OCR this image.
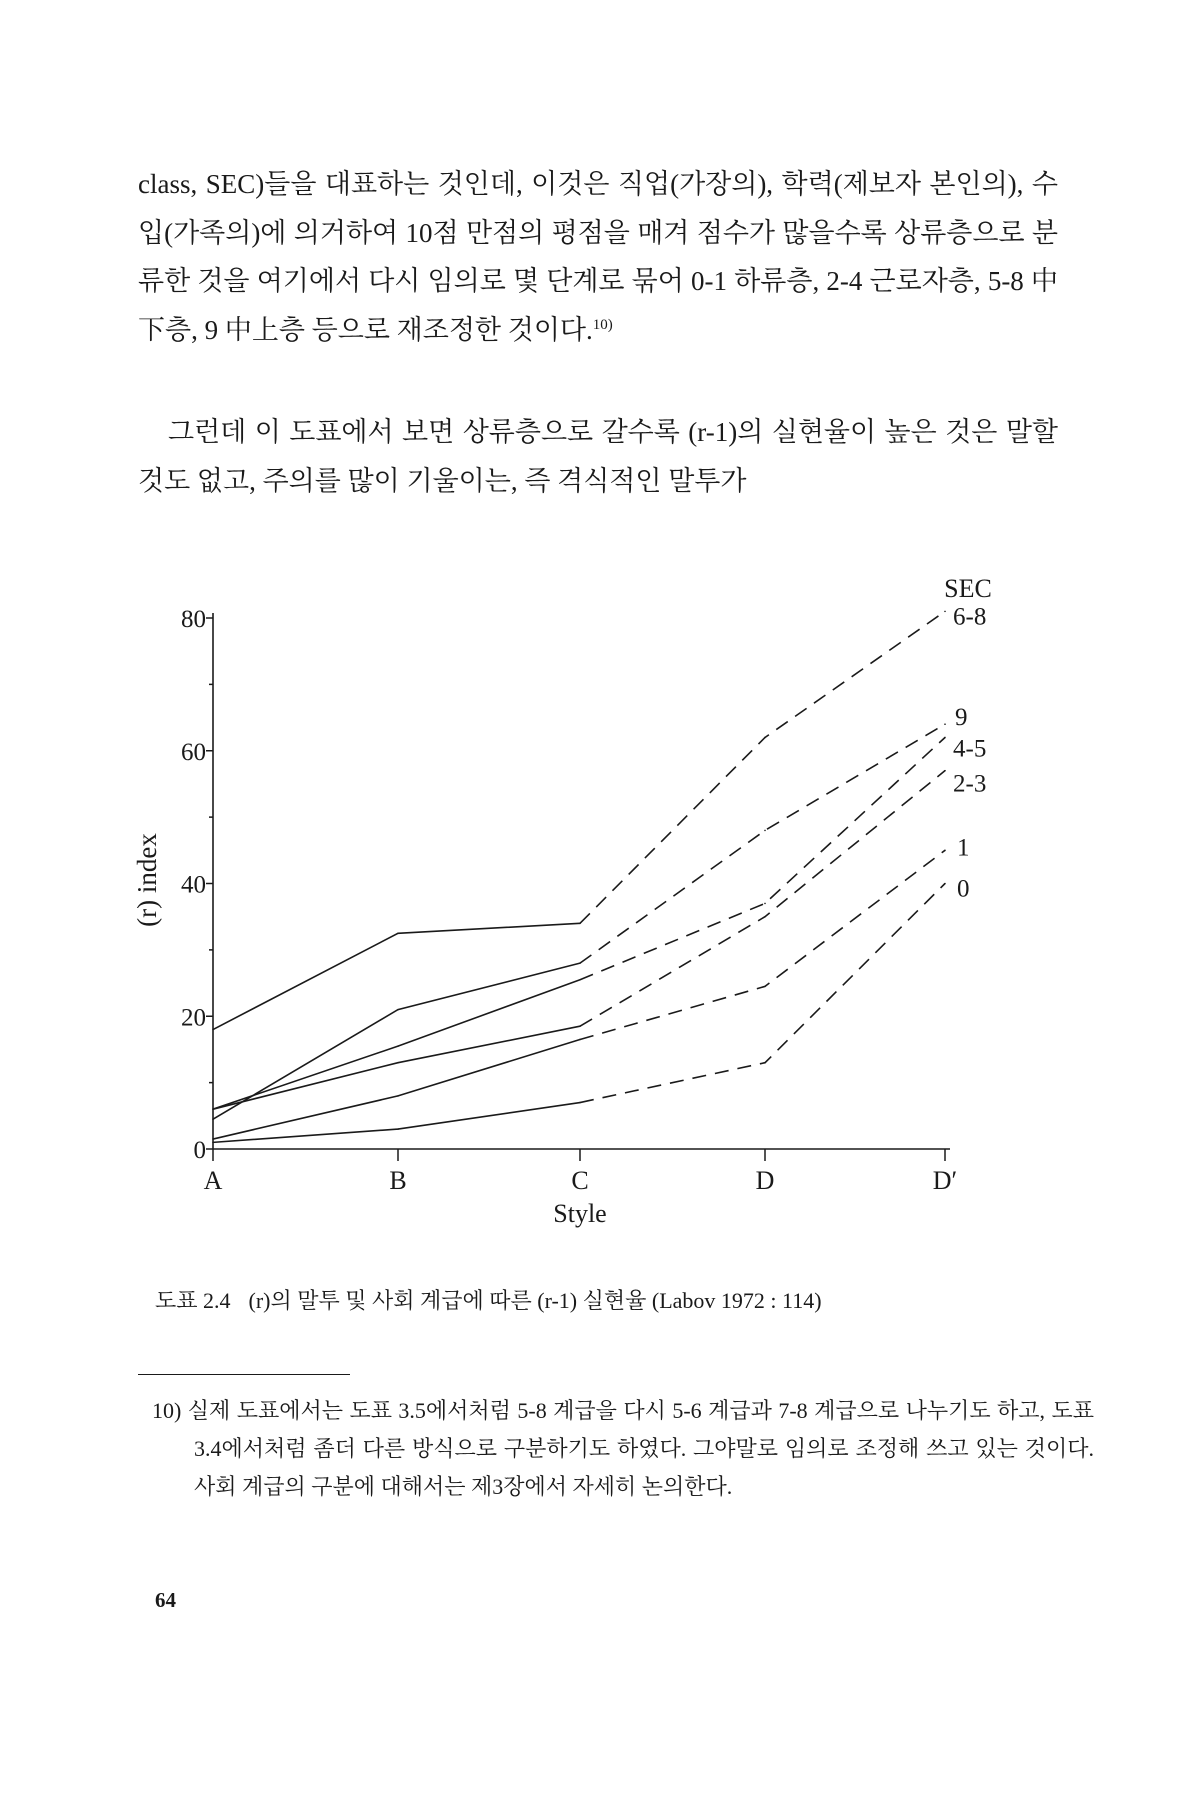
class, SEC)들을 대표하는 것인데, 이것은 직업(가장의), 학력(제보자 본인의), 수입(가족의)에 의거하여 10점 만점의 평점을 매겨 점수가 많을수록 상류층으로 분류한 것을 여기에서 다시 임의로 몇 단계로 묶어 0-1 하류층, 2-4 근로자층, 5-8 中下층, 9 中上층 등으로 재조정한 것이다.$^{10)}$

그런데 이 도표에서 보면 상류층으로 갈수록 (r-1)의 실현율이 높은 것은 말할 것도 없고, 주의를 많이 기울이는, 즉 격식적인 말투가

0
20
40
60
80
(r) index
A	B	C	D	D′
Style
6-8
9
4-5
2-3
1
0
SEC
도표 2.4 (r)의 말투 및 사회 계급에 따른 (r-1) 실현율 (Labov 1972 : 114)

10) 실제 도표에서는 도표 3.5에서처럼 5-8 계급을 다시 5-6 계급과 7-8 계급으로 나누기도 하고, 도표 3.4에서처럼 좀더 다른 방식으로 구분하기도 하였다. 그야말로 임의로 조정해 쓰고 있는 것이다. 사회 계급의 구분에 대해서는 제3장에서 자세히 논의한다.

64
